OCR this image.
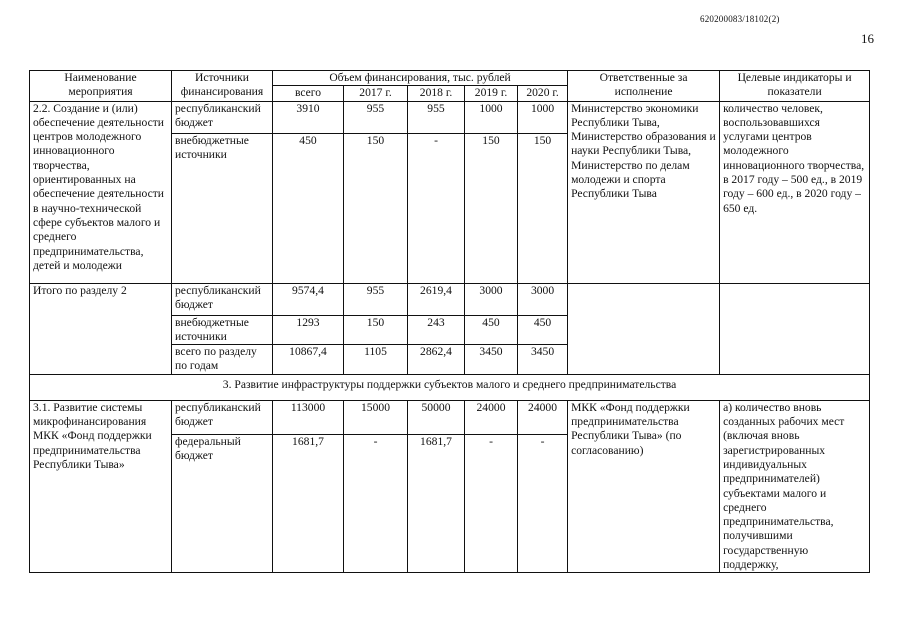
620200083/18102(2)
16
Наименование мероприятия	Источники финансирования	Объем финансирования, тыс. рублей					Ответственные за исполнение	Целевые индикаторы и показатели
		всего	2017 г.	2018 г.	2019 г.	2020 г.		
2.2. Создание и (или) обеспечение деятельности центров молодежного инновационного творчества, ориентированных на обеспечение деятельности в научно-технической сфере субъектов малого и среднего предпринимательства, детей и молодежи	республиканский бюджет	3910	955	955	1000	1000	Министерство экономики Республики Тыва, Министерство образования и науки Республики Тыва, Министерство по делам молодежи и спорта Республики Тыва	количество человек, воспользовавшихся услугами центров молодежного инновационного творчества, в 2017 году – 500 ед., в 2019 году – 600 ед., в 2020 году – 650 ед.
	внебюджетные источники	450	150	-	150	150		
Итого по разделу 2	республиканский бюджет	9574,4	955	2619,4	3000	3000		
	внебюджетные источники	1293	150	243	450	450		
	всего по разделу по годам	10867,4	1105	2862,4	3450	3450		
3. Развитие инфраструктуры поддержки субъектов малого и среднего предпринимательства								
3.1. Развитие системы микрофинансирования МКК «Фонд поддержки предпринимательства Республики Тыва»	республиканский бюджет	113000	15000	50000	24000	24000	МКК «Фонд поддержки предпринимательства Республики Тыва» (по согласованию)	а) количество вновь созданных рабочих мест (включая вновь зарегистрированных индивидуальных предпринимателей) субъектами малого и среднего предпринимательства, получившими государственную поддержку,
	федеральный бюджет	1681,7	-	1681,7	-	-		
